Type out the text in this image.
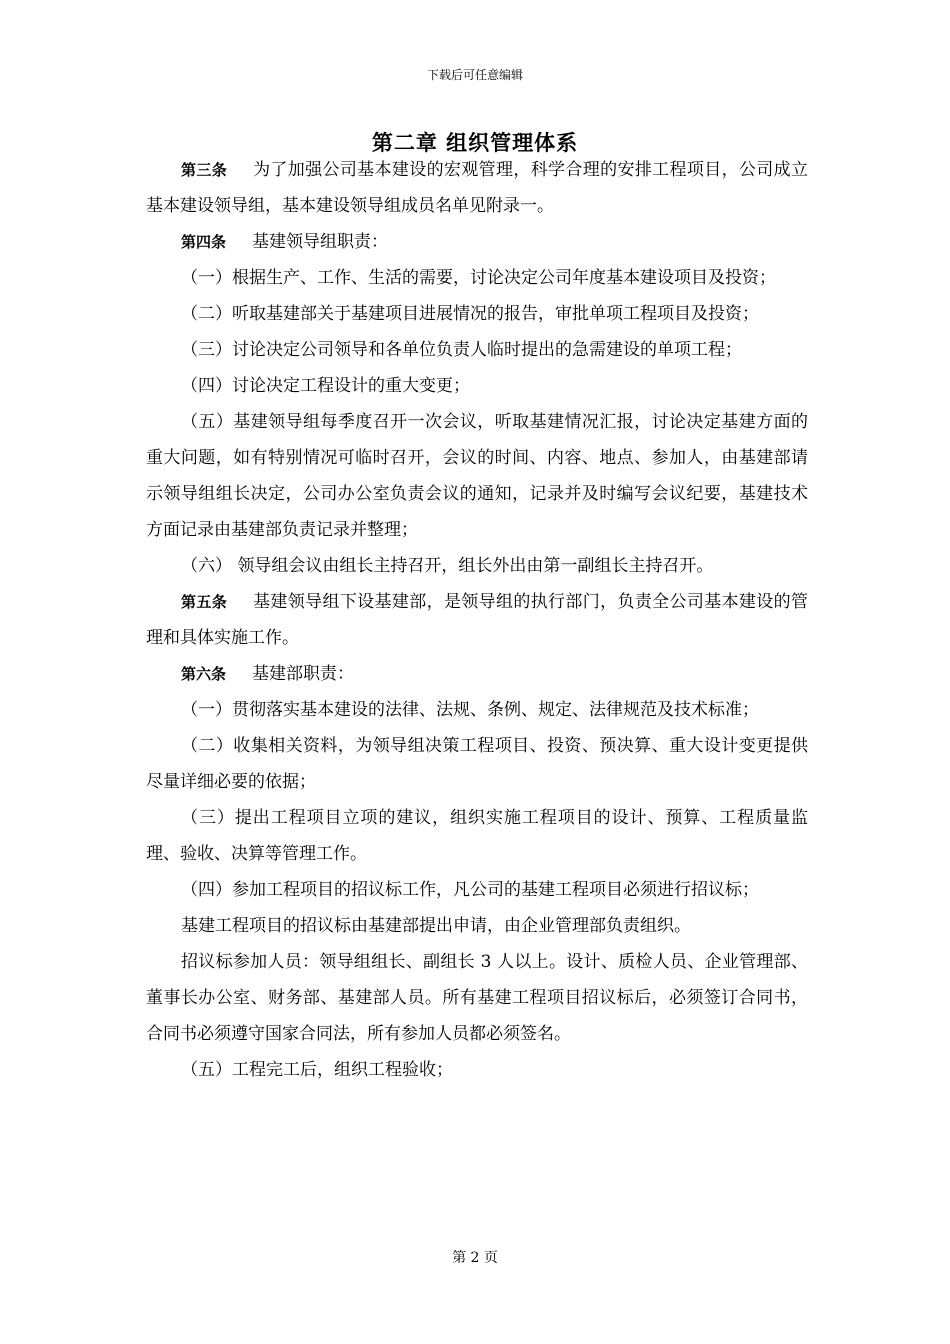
下载后可任意编辑
第二章 组织管理体系

第三条 为了加强公司基本建设的宏观管理，科学合理的安排工程项目，公司成立基本建设领导组，基本建设领导组成员名单见附录一。

第四条 基建领导组职责：

（一）根据生产、工作、生活的需要，讨论决定公司年度基本建设项目及投资；

（二）听取基建部关于基建项目进展情况的报告，审批单项工程项目及投资；

（三）讨论决定公司领导和各单位负责人临时提出的急需建设的单项工程；

（四）讨论决定工程设计的重大变更；

（五）基建领导组每季度召开一次会议，听取基建情况汇报，讨论决定基建方面的重大问题，如有特别情况可临时召开，会议的时间、内容、地点、参加人，由基建部请示领导组组长决定，公司办公室负责会议的通知，记录并及时编写会议纪要，基建技术方面记录由基建部负责记录并整理；

（六） 领导组会议由组长主持召开，组长外出由第一副组长主持召开。

第五条 基建领导组下设基建部，是领导组的执行部门，负责全公司基本建设的管理和具体实施工作。

第六条 基建部职责：

（一）贯彻落实基本建设的法律、法规、条例、规定、法律规范及技术标准；

（二）收集相关资料，为领导组决策工程项目、投资、预决算、重大设计变更提供尽量详细必要的依据；

（三）提出工程项目立项的建议，组织实施工程项目的设计、预算、工程质量监理、验收、决算等管理工作。

（四）参加工程项目的招议标工作，凡公司的基建工程项目必须进行招议标；

基建工程项目的招议标由基建部提出申请，由企业管理部负责组织。

招议标参加人员：领导组组长、副组长 3 人以上。设计、质检人员、企业管理部、董事长办公室、财务部、基建部人员。所有基建工程项目招议标后，必须签订合同书，合同书必须遵守国家合同法，所有参加人员都必须签名。

（五）工程完工后，组织工程验收；

第 2 页
